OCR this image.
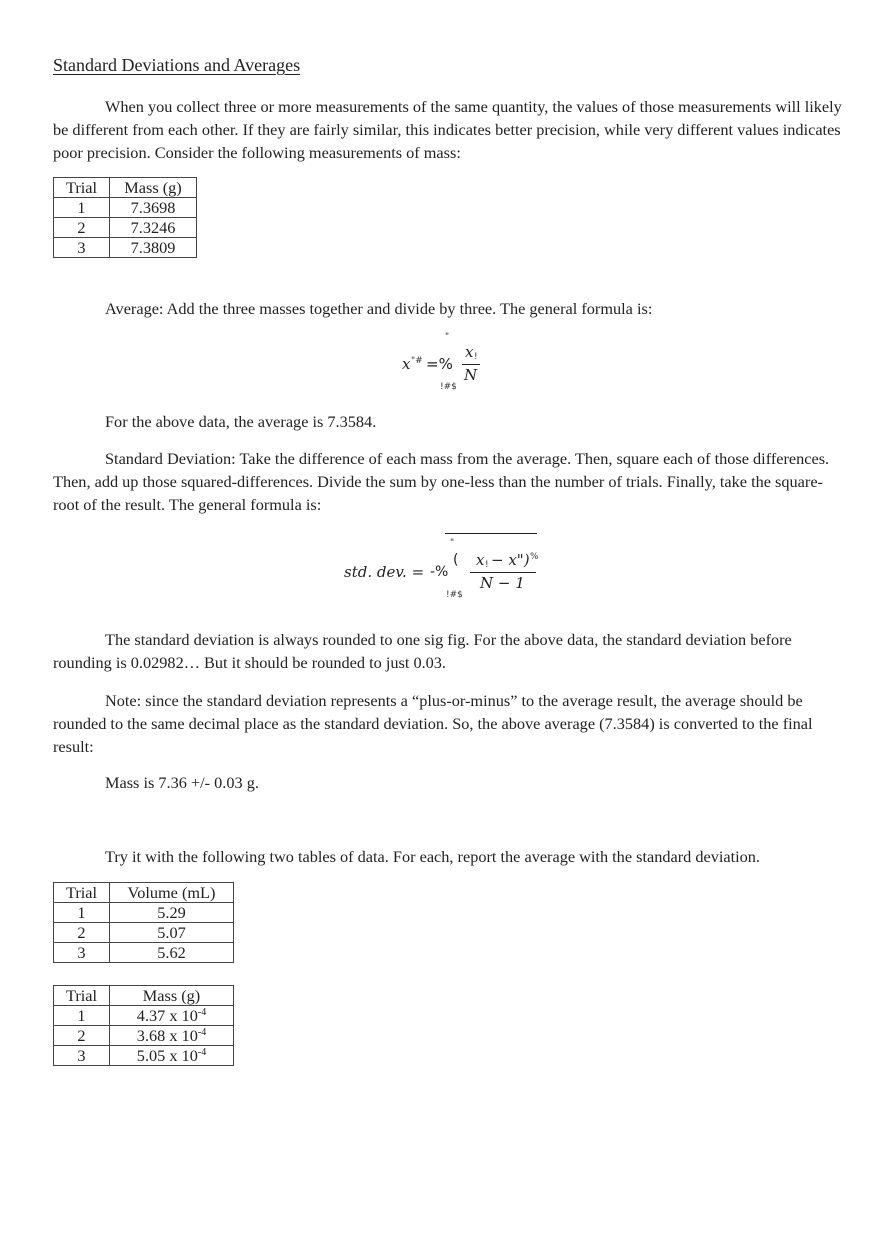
Standard Deviations and Averages

When you collect three or more measurements of the same quantity, the values of those measurements will likely be different from each other. If they are fairly similar, this indicates better precision, while very different values indicates poor precision. Consider the following measurements of mass:

Trial	Mass (g)
1	7.3698
2	7.3246
3	7.3809

Average: Add the three masses together and divide by three. The general formula is:

"
x "# =%
x !
N
!#$

For the above data, the average is 7.3584.

Standard Deviation: Take the difference of each mass from the average. Then, square each of those differences. Then, add up those squared-differences. Divide the sum by one-less than the number of trials. Finally, take the square-root of the result. The general formula is:

"
std. dev. = -%
( x ! − x") %
N − 1
!#$

The standard deviation is always rounded to one sig fig. For the above data, the standard deviation before rounding is 0.02982… But it should be rounded to just 0.03.

Note: since the standard deviation represents a “plus-or-minus” to the average result, the average should be rounded to the same decimal place as the standard deviation. So, the above average (7.3584) is converted to the final result:

Mass is 7.36 +/- 0.03 g.

Try it with the following two tables of data. For each, report the average with the standard deviation.

Trial	Volume (mL)
1	5.29
2	5.07
3	5.62
Trial	Mass (g)
1	4.37 x $10^{-4}$
2	3.68 x $10^{-4}$
3	5.05 x $10^{-4}$
